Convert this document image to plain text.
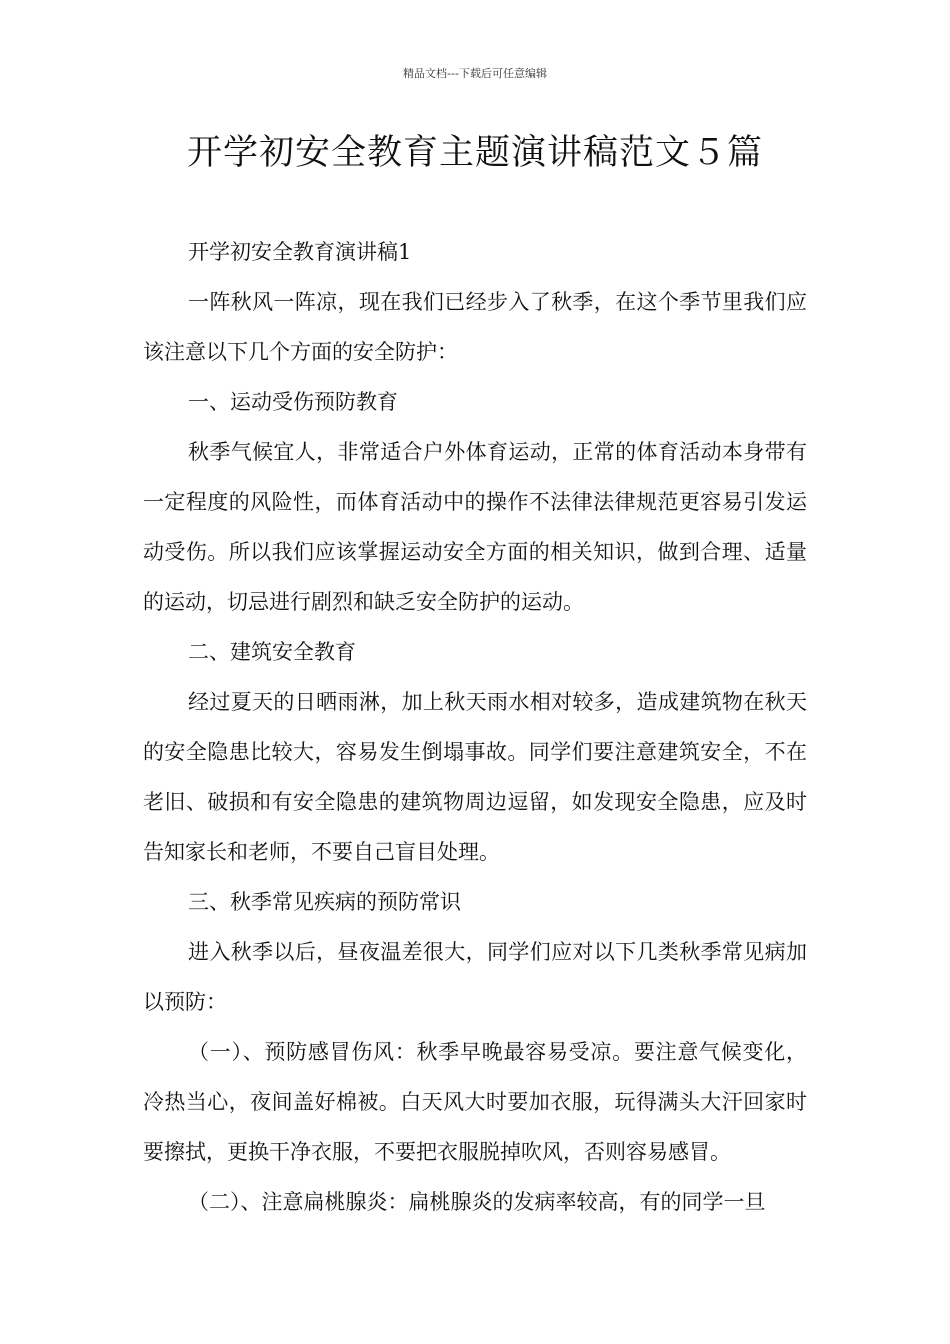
精品文档---下载后可任意编辑
开学初安全教育主题演讲稿范文５篇

开学初安全教育演讲稿1

一阵秋风一阵凉，现在我们已经步入了秋季，在这个季节里我们应该注意以下几个方面的安全防护：

一、运动受伤预防教育

秋季气候宜人，非常适合户外体育运动，正常的体育活动本身带有一定程度的风险性，而体育活动中的操作不法律法律规范更容易引发运动受伤。所以我们应该掌握运动安全方面的相关知识，做到合理、适量的运动，切忌进行剧烈和缺乏安全防护的运动。

二、建筑安全教育

经过夏天的日晒雨淋，加上秋天雨水相对较多，造成建筑物在秋天的安全隐患比较大，容易发生倒塌事故。同学们要注意建筑安全，不在老旧、破损和有安全隐患的建筑物周边逗留，如发现安全隐患，应及时告知家长和老师，不要自己盲目处理。

三、秋季常见疾病的预防常识

进入秋季以后，昼夜温差很大，同学们应对以下几类秋季常见病加以预防：

（一）、预防感冒伤风：秋季早晚最容易受凉。要注意气候变化，冷热当心，夜间盖好棉被。白天风大时要加衣服，玩得满头大汗回家时要擦拭，更换干净衣服，不要把衣服脱掉吹风，否则容易感冒。

（二）、注意扁桃腺炎：扁桃腺炎的发病率较高，有的同学一旦
